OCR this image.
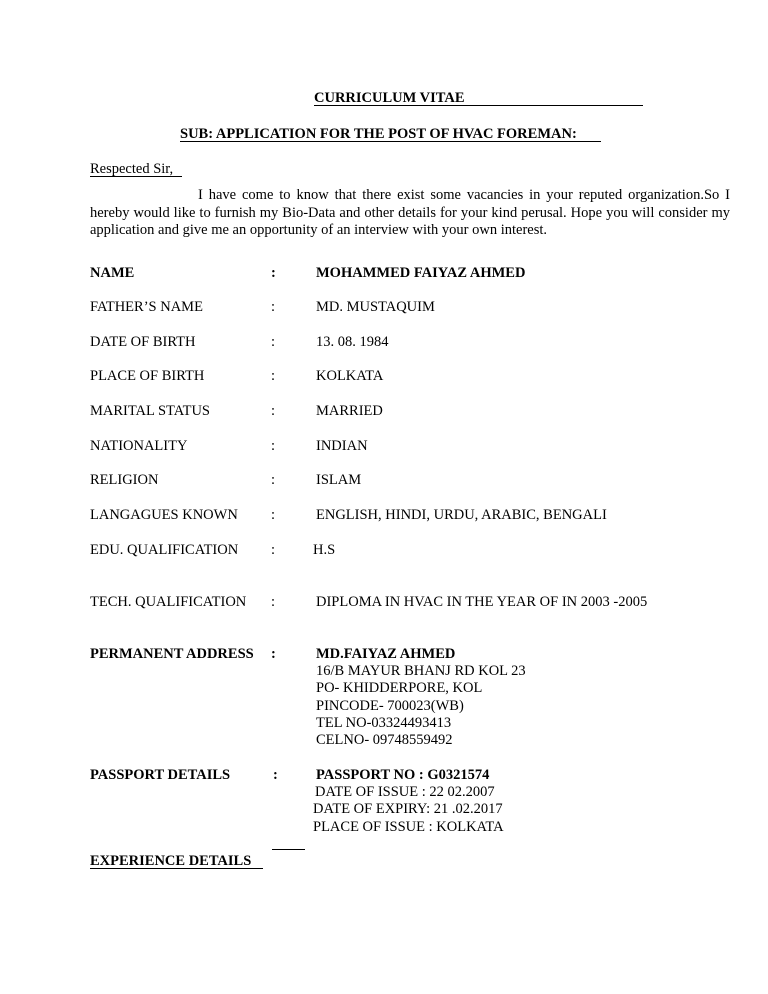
CURRICULUM VITAE
SUB: APPLICATION FOR THE POST OF HVAC FOREMAN:
Respected Sir,
I have come to know that there exist some vacancies in your reputed organization.So I hereby would like to furnish my Bio-Data and other details for your kind perusal. Hope you will consider my application and give me an opportunity of an interview with your own interest.
NAME	:	MOHAMMED FAIYAZ AHMED
FATHER’S NAME	:	MD. MUSTAQUIM
DATE OF BIRTH	:	13. 08. 1984
PLACE OF BIRTH	:	KOLKATA
MARITAL STATUS	:	MARRIED
NATIONALITY	:	INDIAN
RELIGION	:	ISLAM
LANGAGUES KNOWN :	ENGLISH, HINDI, URDU, ARABIC, BENGALI
EDU. QUALIFICATION :	H.S
TECH. QUALIFICATION :	DIPLOMA IN HVAC IN THE YEAR OF IN 2003 -2005
PERMANENT ADDRESS :	MD.FAIYAZ AHMED
16/B MAYUR BHANJ RD KOL 23
PO- KHIDDERPORE, KOL
PINCODE- 700023(WB)
TEL NO-03324493413
CELNO- 09748559492
PASSPORT DETAILS	:	PASSPORT NO : G0321574
DATE OF ISSUE : 22 02.2007
DATE OF EXPIRY: 21 .02.2017
PLACE OF ISSUE : KOLKATA
EXPERIENCE DETAILS
